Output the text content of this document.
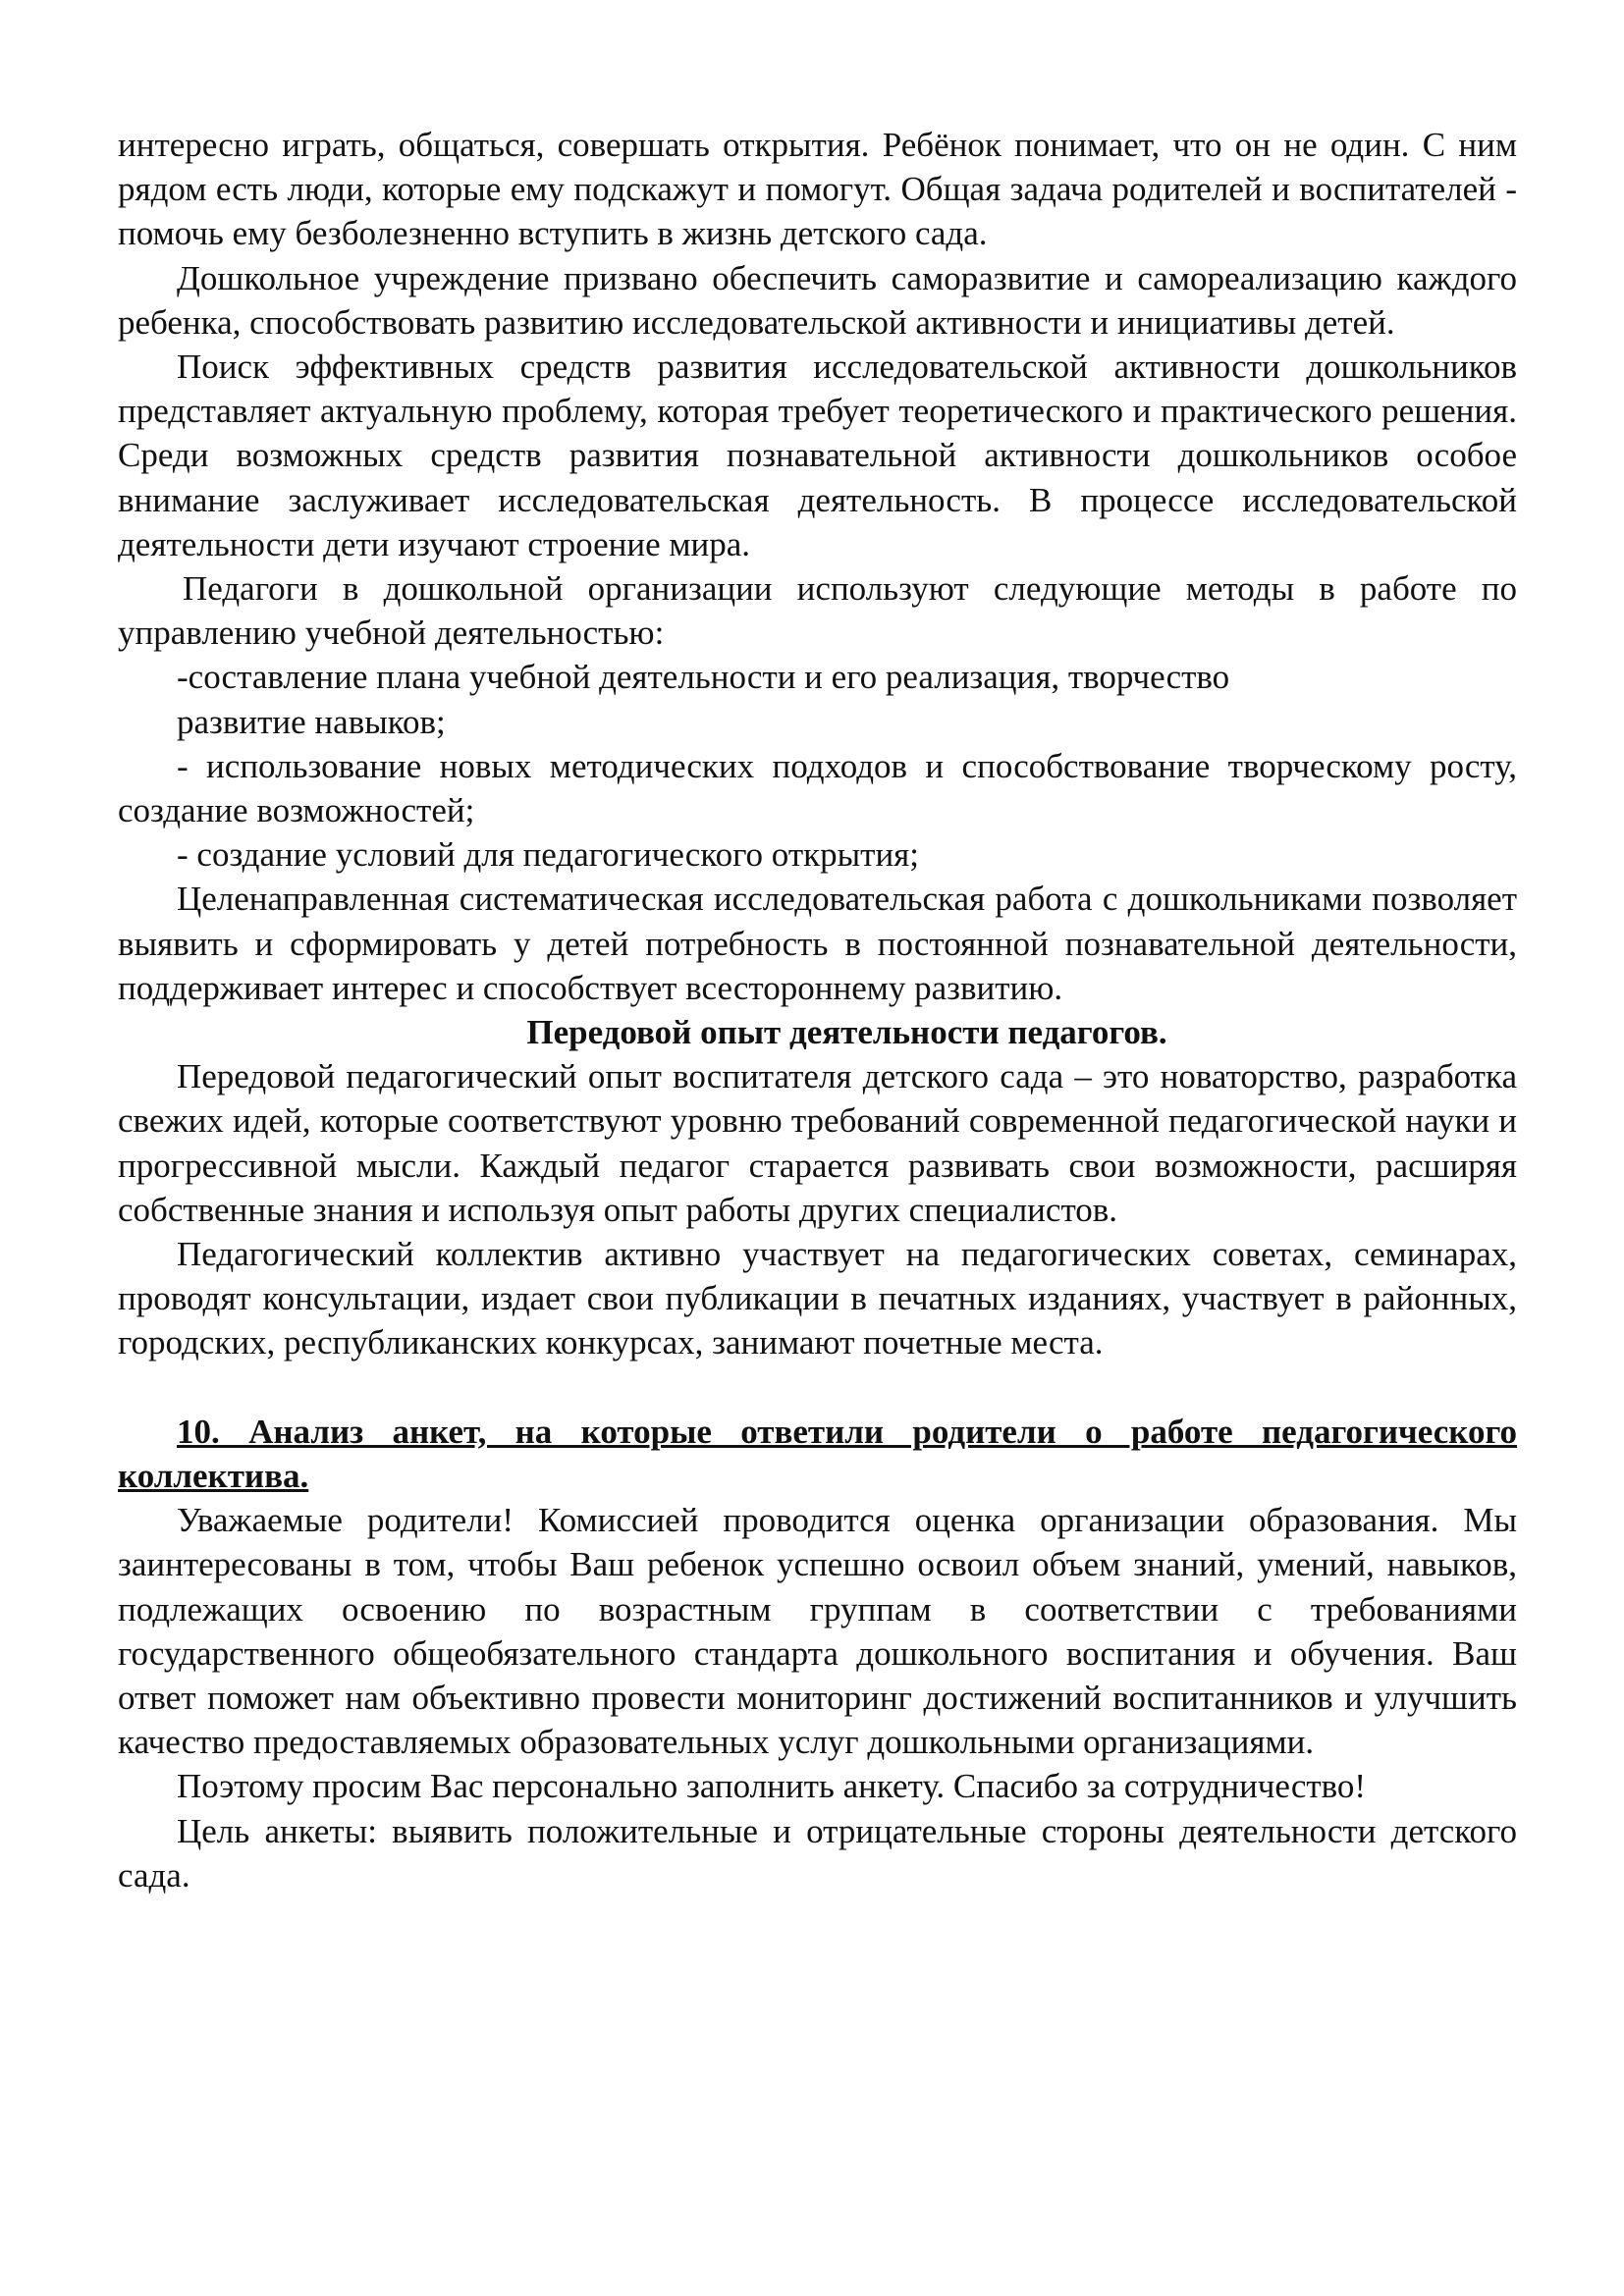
интересно играть, общаться, совершать открытия. Ребёнок понимает, что он не один. С ним рядом есть люди, которые ему подскажут и помогут. Общая задача родителей и воспитателей - помочь ему безболезненно вступить в жизнь детского сада.

Дошкольное учреждение призвано обеспечить саморазвитие и самореализацию каждого ребенка, способствовать развитию исследовательской активности и инициативы детей.

Поиск эффективных средств развития исследовательской активности дошкольников представляет актуальную проблему, которая требует теоретического и практического решения. Среди возможных средств развития познавательной активности дошкольников особое внимание заслуживает исследовательская деятельность. В процессе исследовательской деятельности дети изучают строение мира.

Педагоги в дошкольной организации используют следующие методы в работе по управлению учебной деятельностью:

-составление плана учебной деятельности и его реализация, творчество

развитие навыков;

- использование новых методических подходов и способствование творческому росту, создание возможностей;

- создание условий для педагогического открытия;

Целенаправленная систематическая исследовательская работа с дошкольниками позволяет выявить и сформировать у детей потребность в постоянной познавательной деятельности, поддерживает интерес и способствует всестороннему развитию.

Передовой опыт деятельности педагогов.

Передовой педагогический опыт воспитателя детского сада – это новаторство, разработка свежих идей, которые соответствуют уровню требований современной педагогической науки и прогрессивной мысли. Каждый педагог старается развивать свои возможности, расширяя собственные знания и используя опыт работы других специалистов.

Педагогический коллектив активно участвует на педагогических советах, семинарах, проводят консультации, издает свои публикации в печатных изданиях, участвует в районных, городских, республиканских конкурсах, занимают почетные места.

10. Анализ анкет, на которые ответили родители о работе педагогического коллектива.

Уважаемые родители! Комиссией проводится оценка организации образования. Мы заинтересованы в том, чтобы Ваш ребенок успешно освоил объем знаний, умений, навыков, подлежащих освоению по возрастным группам в соответствии с требованиями государственного общеобязательного стандарта дошкольного воспитания и обучения. Ваш ответ поможет нам объективно провести мониторинг достижений воспитанников и улучшить качество предоставляемых образовательных услуг дошкольными организациями.

Поэтому просим Вас персонально заполнить анкету. Спасибо за сотрудничество!

Цель анкеты: выявить положительные и отрицательные стороны деятельности детского сада.
